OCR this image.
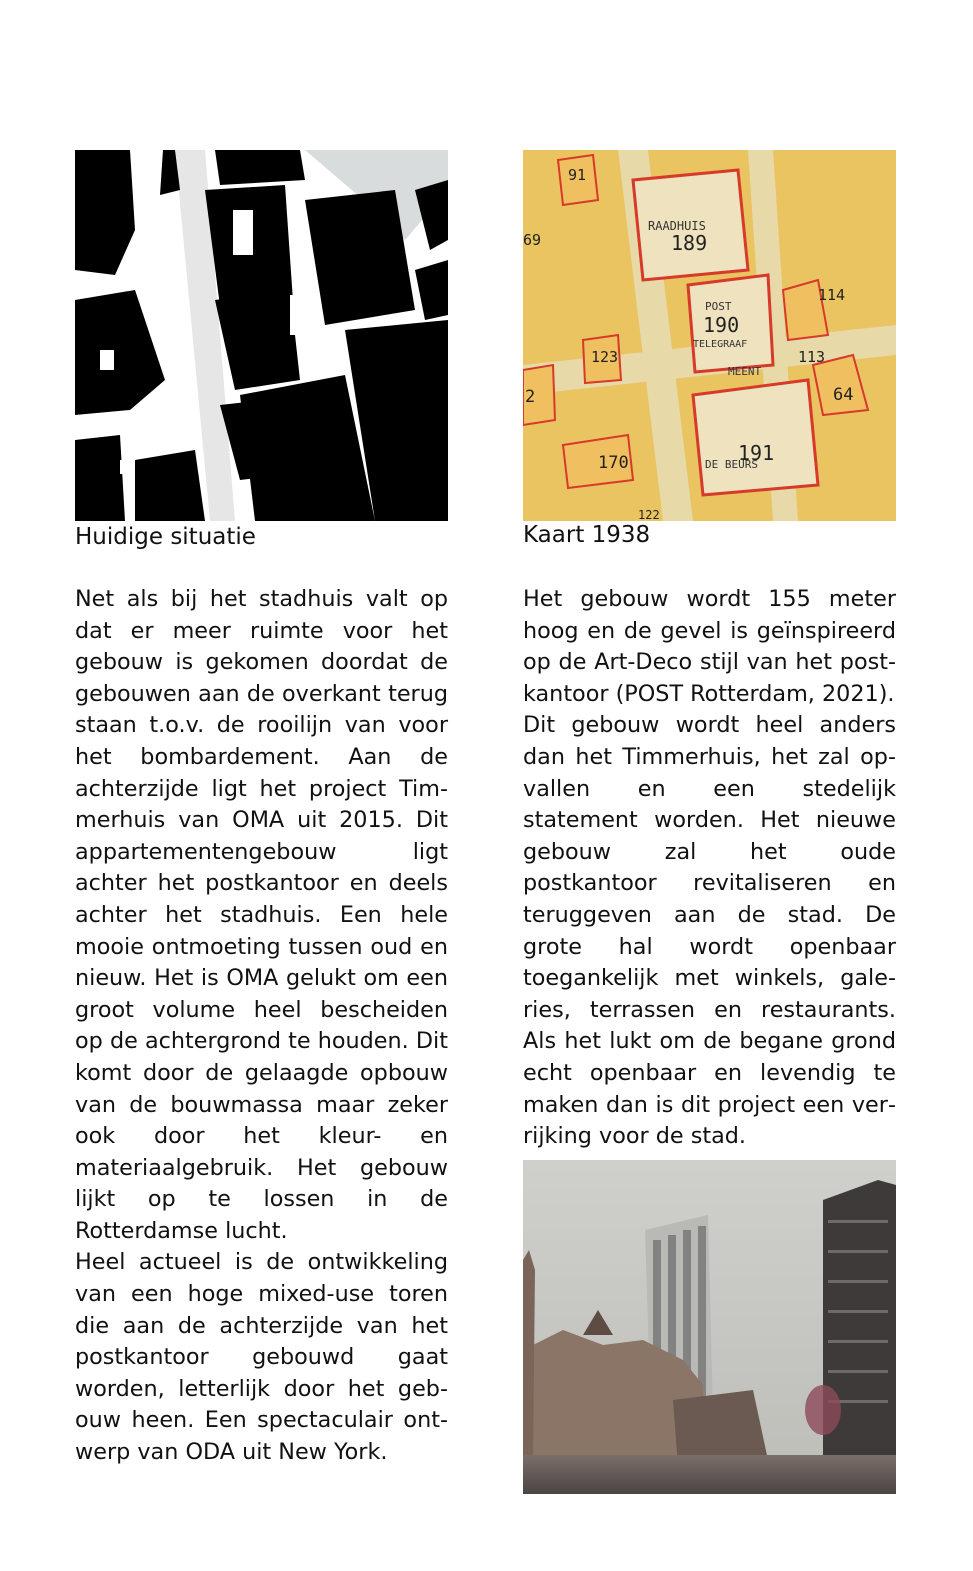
Huidige situatie
91
69
RAADHUIS
189
POST
190
TELEGRAAF
114
123	113
64
MEENT
2
170	191
DE BEURS
122
Kaart 1938

Net als bij het stadhuis valt op dat er meer ruimte voor het gebouw is gekomen doordat de gebouwen aan de overkant terug staan t.o.v. de rooilijn van voor het bombardement. Aan de achterzijde ligt het project Timmerhuis van OMA uit 2015. Dit appartementengebouw ligt achter het postkantoor en deels achter het stadhuis. Een hele mooie ontmoeting tussen oud en nieuw. Het is OMA gelukt om een groot volume heel bescheiden op de achtergrond te houden. Dit komt door de gelaagde opbouw van de bouwmassa maar zeker ook door het kleur- en materiaalgebruik. Het gebouw lijkt op te lossen in de Rotterdamse lucht.

Heel actueel is de ontwikkeling van een hoge mixed-use toren die aan de achterzijde van het postkantoor gebouwd gaat worden, letterlijk door het gebouw heen. Een spectaculair ontwerp van ODA uit New York.

Het gebouw wordt 155 meter hoog en de gevel is geïnspireerd op de Art-Deco stijl van het postkantoor (POST Rotterdam, 2021).

Dit gebouw wordt heel anders dan het Timmerhuis, het zal opvallen en een stedelijk statement worden. Het nieuwe gebouw zal het oude postkantoor revitaliseren en teruggeven aan de stad. De grote hal wordt openbaar toegankelijk met winkels, galeries, terrassen en restaurants. Als het lukt om de begane grond echt openbaar en levendig te maken dan is dit project een verrijking voor de stad.
